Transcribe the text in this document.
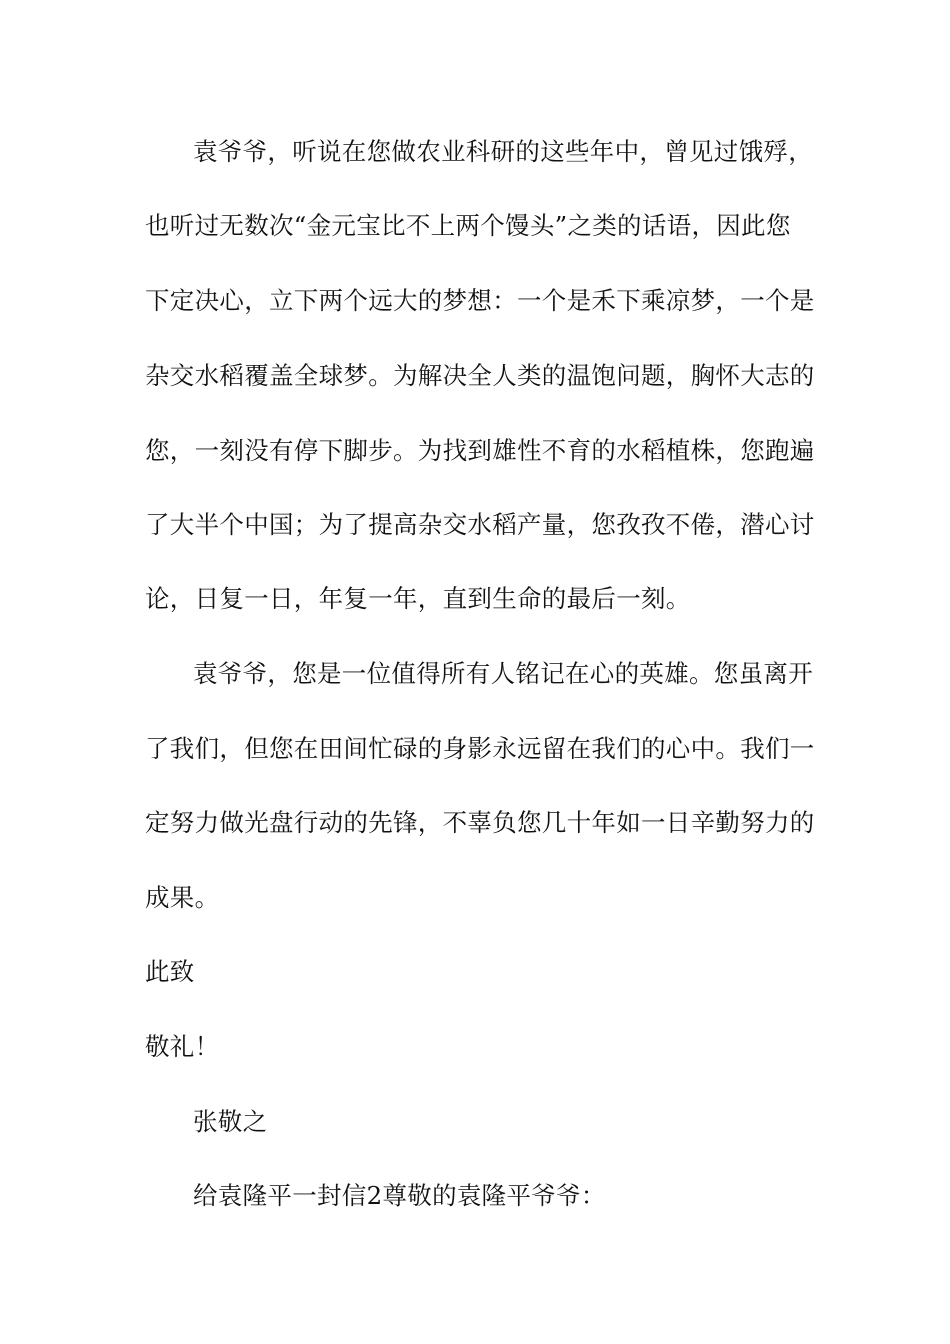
袁爷爷，听说在您做农业科研的这些年中，曾见过饿殍，
也听过无数次“金元宝比不上两个馒头”之类的话语，因此您
下定决心，立下两个远大的梦想：一个是禾下乘凉梦，一个是
杂交水稻覆盖全球梦。为解决全人类的温饱问题，胸怀大志的
您，一刻没有停下脚步。为找到雄性不育的水稻植株，您跑遍
了大半个中国；为了提高杂交水稻产量，您孜孜不倦，潜心讨
论，日复一日，年复一年，直到生命的最后一刻。
袁爷爷，您是一位值得所有人铭记在心的英雄。您虽离开
了我们，但您在田间忙碌的身影永远留在我们的心中。我们一
定努力做光盘行动的先锋，不辜负您几十年如一日辛勤努力的
成果。
此致
敬礼！
张敬之
给袁隆平一封信2尊敬的袁隆平爷爷：
